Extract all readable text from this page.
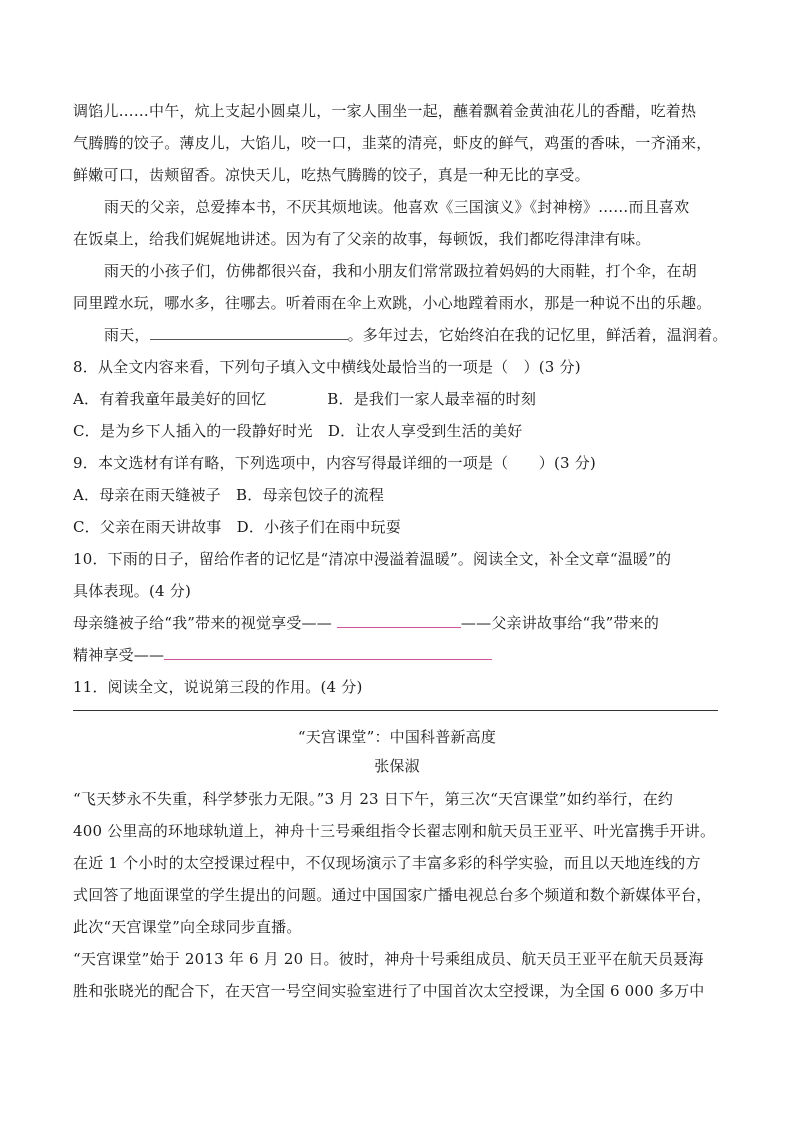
调馅儿……中午，炕上支起小圆桌儿，一家人围坐一起，蘸着飘着金黄油花儿的香醋，吃着热
气腾腾的饺子。薄皮儿，大馅儿，咬一口，韭菜的清亮，虾皮的鲜气，鸡蛋的香味，一齐涌来，
鲜嫩可口，齿颊留香。凉快天儿，吃热气腾腾的饺子，真是一种无比的享受。
雨天的父亲，总爱捧本书，不厌其烦地读。他喜欢《三国演义》《封神榜》……而且喜欢
在饭桌上，给我们娓娓地讲述。因为有了父亲的故事，每顿饭，我们都吃得津津有味。
雨天的小孩子们，仿佛都很兴奋，我和小朋友们常常趿拉着妈妈的大雨鞋，打个伞，在胡
同里蹚水玩，哪水多，往哪去。听着雨在伞上欢跳，小心地蹚着雨水，那是一种说不出的乐趣。
雨天，	。多年过去，它始终泊在我的记忆里，鲜活着，温润着。
8．从全文内容来看，下列句子填入文中横线处最恰当的一项是（　）(3 分)
A．有着我童年最美好的回忆　　　　B．是我们一家人最幸福的时刻
C．是为乡下人插入的一段静好时光　D．让农人享受到生活的美好
9．本文选材有详有略，下列选项中，内容写得最详细的一项是（　　）(3 分)
A．母亲在雨天缝被子　B．母亲包饺子的流程
C．父亲在雨天讲故事　D．小孩子们在雨中玩耍
10．下雨的日子，留给作者的记忆是“清凉中漫溢着温暖”。阅读全文，补全文章“温暖”的
具体表现。(4 分)
母亲缝被子给“我”带来的视觉享受——	——父亲讲故事给“我”带来的
精神享受——
11．阅读全文，说说第三段的作用。(4 分)
“天宫课堂”：中国科普新高度
张保淑
“飞天梦永不失重，科学梦张力无限。”3 月 23 日下午，第三次“天宫课堂”如约举行，在约
400 公里高的环地球轨道上，神舟十三号乘组指令长翟志刚和航天员王亚平、叶光富携手开讲。
在近 1 个小时的太空授课过程中，不仅现场演示了丰富多彩的科学实验，而且以天地连线的方
式回答了地面课堂的学生提出的问题。通过中国国家广播电视总台多个频道和数个新媒体平台，
此次“天宫课堂”向全球同步直播。
“天宫课堂”始于 2013 年 6 月 20 日。彼时，神舟十号乘组成员、航天员王亚平在航天员聂海
胜和张晓光的配合下，在天宫一号空间实验室进行了中国首次太空授课，为全国 6 000 多万中
